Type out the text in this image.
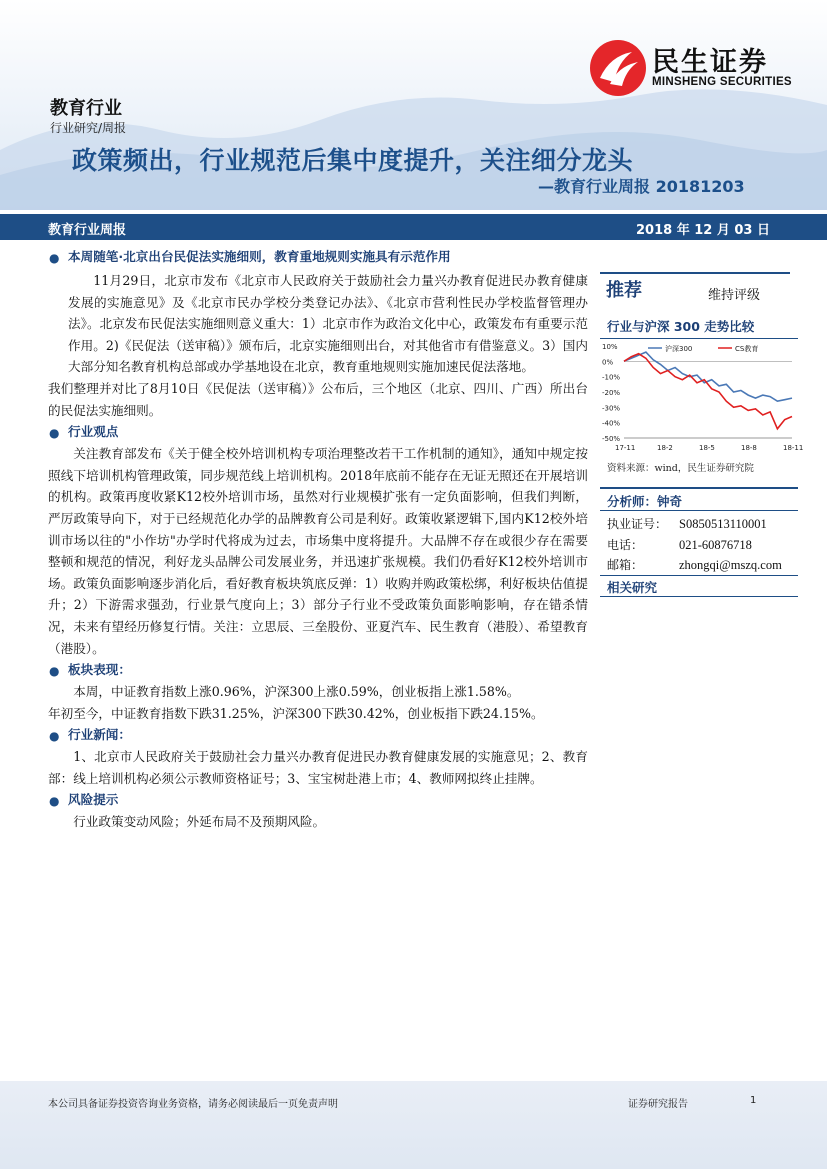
民生证券
MINSHENG SECURITIES
教育行业
行业研究/周报
政策频出，行业规范后集中度提升，关注细分龙头
—教育行业周报 20181203
教育行业周报	2018 年 12 月 03 日
● 本周随笔·北京出台民促法实施细则，教育重地规则实施具有示范作用

11月29日，北京市发布《北京市人民政府关于鼓励社会力量兴办教育促进民办教育健康发展的实施意见》及《北京市民办学校分类登记办法》、《北京市营利性民办学校监督管理办法》。北京发布民促法实施细则意义重大：1）北京市作为政治文化中心，政策发布有重要示范作用。2)《民促法（送审稿）》颁布后，北京实施细则出台，对其他省市有借鉴意义。3）国内大部分知名教育机构总部或办学基地设在北京，教育重地规则实施加速民促法落地。

我们整理并对比了8月10日《民促法（送审稿）》公布后，三个地区（北京、四川、广西）所出台的民促法实施细则。

● 行业观点

关注教育部发布《关于健全校外培训机构专项治理整改若干工作机制的通知》，通知中规定按照线下培训机构管理政策，同步规范线上培训机构。2018年底前不能存在无证无照还在开展培训的机构。政策再度收紧K12校外培训市场，虽然对行业规模扩张有一定负面影响，但我们判断，严厉政策导向下，对于已经规范化办学的品牌教育公司是利好。政策收紧逻辑下,国内K12校外培训市场以往的"小作坊"办学时代将成为过去，市场集中度将提升。大品牌不存在或很少存在需要整顿和规范的情况，利好龙头品牌公司发展业务，并迅速扩张规模。我们仍看好K12校外培训市场。政策负面影响逐步消化后，看好教育板块筑底反弹：1）收购并购政策松绑，利好板块估值提升；2）下游需求强劲，行业景气度向上；3）部分子行业不受政策负面影响影响，存在错杀情况，未来有望经历修复行情。关注：立思辰、三垒股份、亚夏汽车、民生教育（港股）、希望教育（港股）。

● 板块表现：

本周，中证教育指数上涨0.96%，沪深300上涨0.59%，创业板指上涨1.58%。

年初至今，中证教育指数下跌31.25%，沪深300下跌30.42%，创业板指下跌24.15%。

● 行业新闻：

1、北京市人民政府关于鼓励社会力量兴办教育促进民办教育健康发展的实施意见；2、教育部：线上培训机构必须公示教师资格证号；3、宝宝树赴港上市；4、教师网拟终止挂牌。

● 风险提示

行业政策变动风险；外延布局不及预期风险。

推荐	维持评级
行业与沪深 300 走势比较
10%
0%
-10%
-20%
-30%
-40%
-50%
17-11	18-2	18-5	18-8	18-11
沪深300	CS教育
资料来源：wind，民生证券研究院
分析师：钟奇
执业证号： S0850513110001
电话：	021-60876718
邮箱：	zhongqi@mszq.com
相关研究
本公司具备证券投资咨询业务资格，请务必阅读最后一页免责声明	证券研究报告	1
